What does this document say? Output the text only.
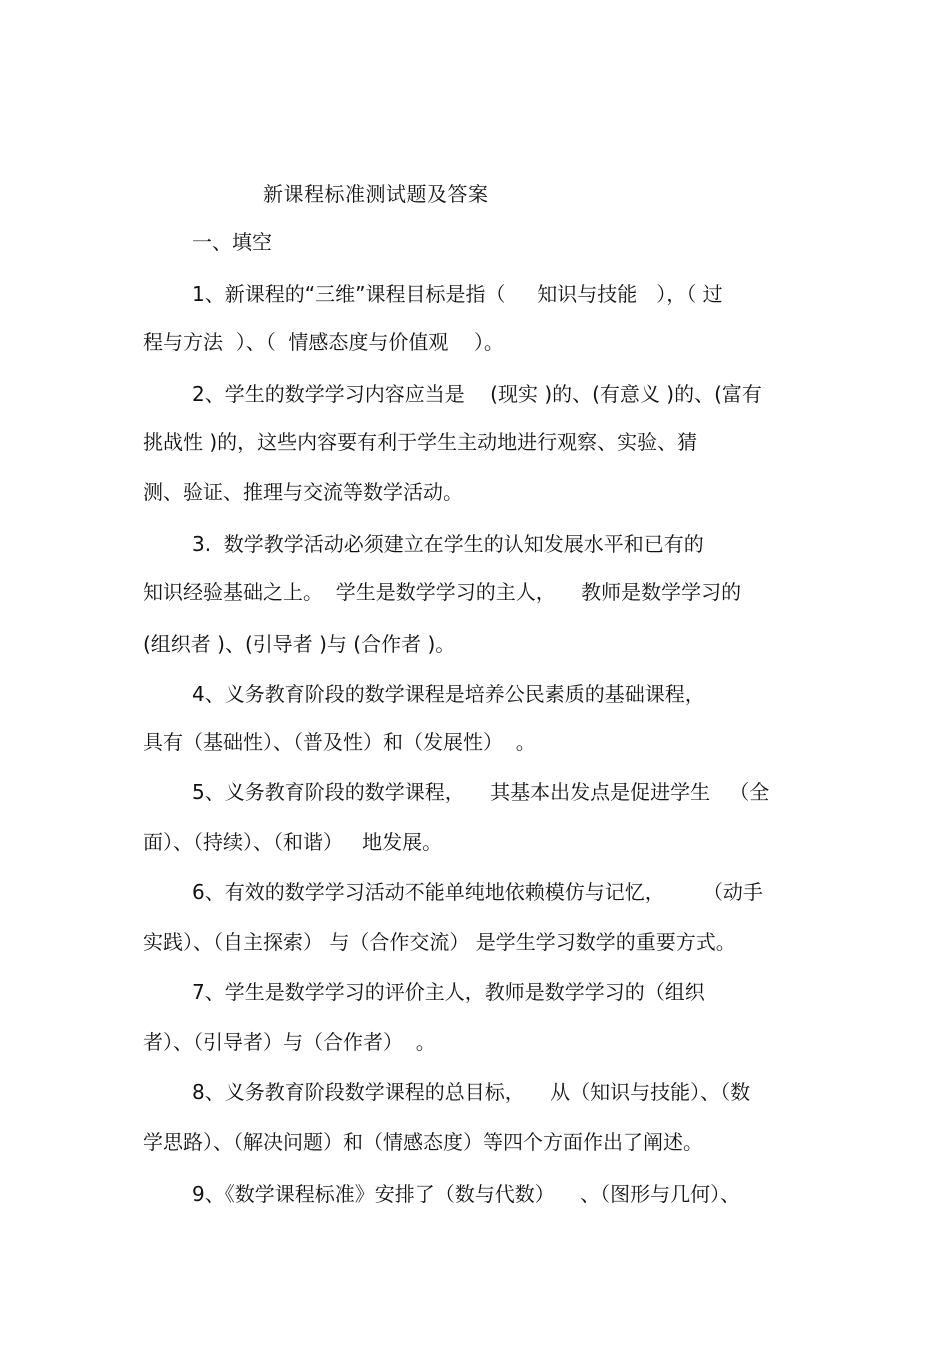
新课程标准测试题及答案
一、填空
1、新课程的“三维”课程目标是指（     知识与技能   ），（ 过
程与方法  ）、（  情感态度与价值观    ）。
2、学生的数学学习内容应当是    (现实 )的、(有意义 )的、(富有
挑战性 )的，这些内容要有利于学生主动地进行观察、实验、猜
测、验证、推理与交流等数学活动。
3.  数学教学活动必须建立在学生的认知发展水平和已有的
知识经验基础之上。  学生是数学学习的主人，    教师是数学学习的
(组织者 )、(引导者 )与 (合作者 )。
4、义务教育阶段的数学课程是培养公民素质的基础课程，
具有（基础性）、（普及性）和（发展性）  。
5、义务教育阶段的数学课程，    其基本出发点是促进学生   （全
面）、（持续）、（和谐）   地发展。
6、有效的数学学习活动不能单纯地依赖模仿与记忆，      （动手
实践）、（自主探索） 与（合作交流） 是学生学习数学的重要方式。
7、学生是数学学习的评价主人，教师是数学学习的（组织
者）、（引导者）与（合作者）  。
8、义务教育阶段数学课程的总目标，    从（知识与技能）、（数
学思路）、（解决问题）和（情感态度）等四个方面作出了阐述。
9、《数学课程标准》安排了（数与代数）    、（图形与几何）、
